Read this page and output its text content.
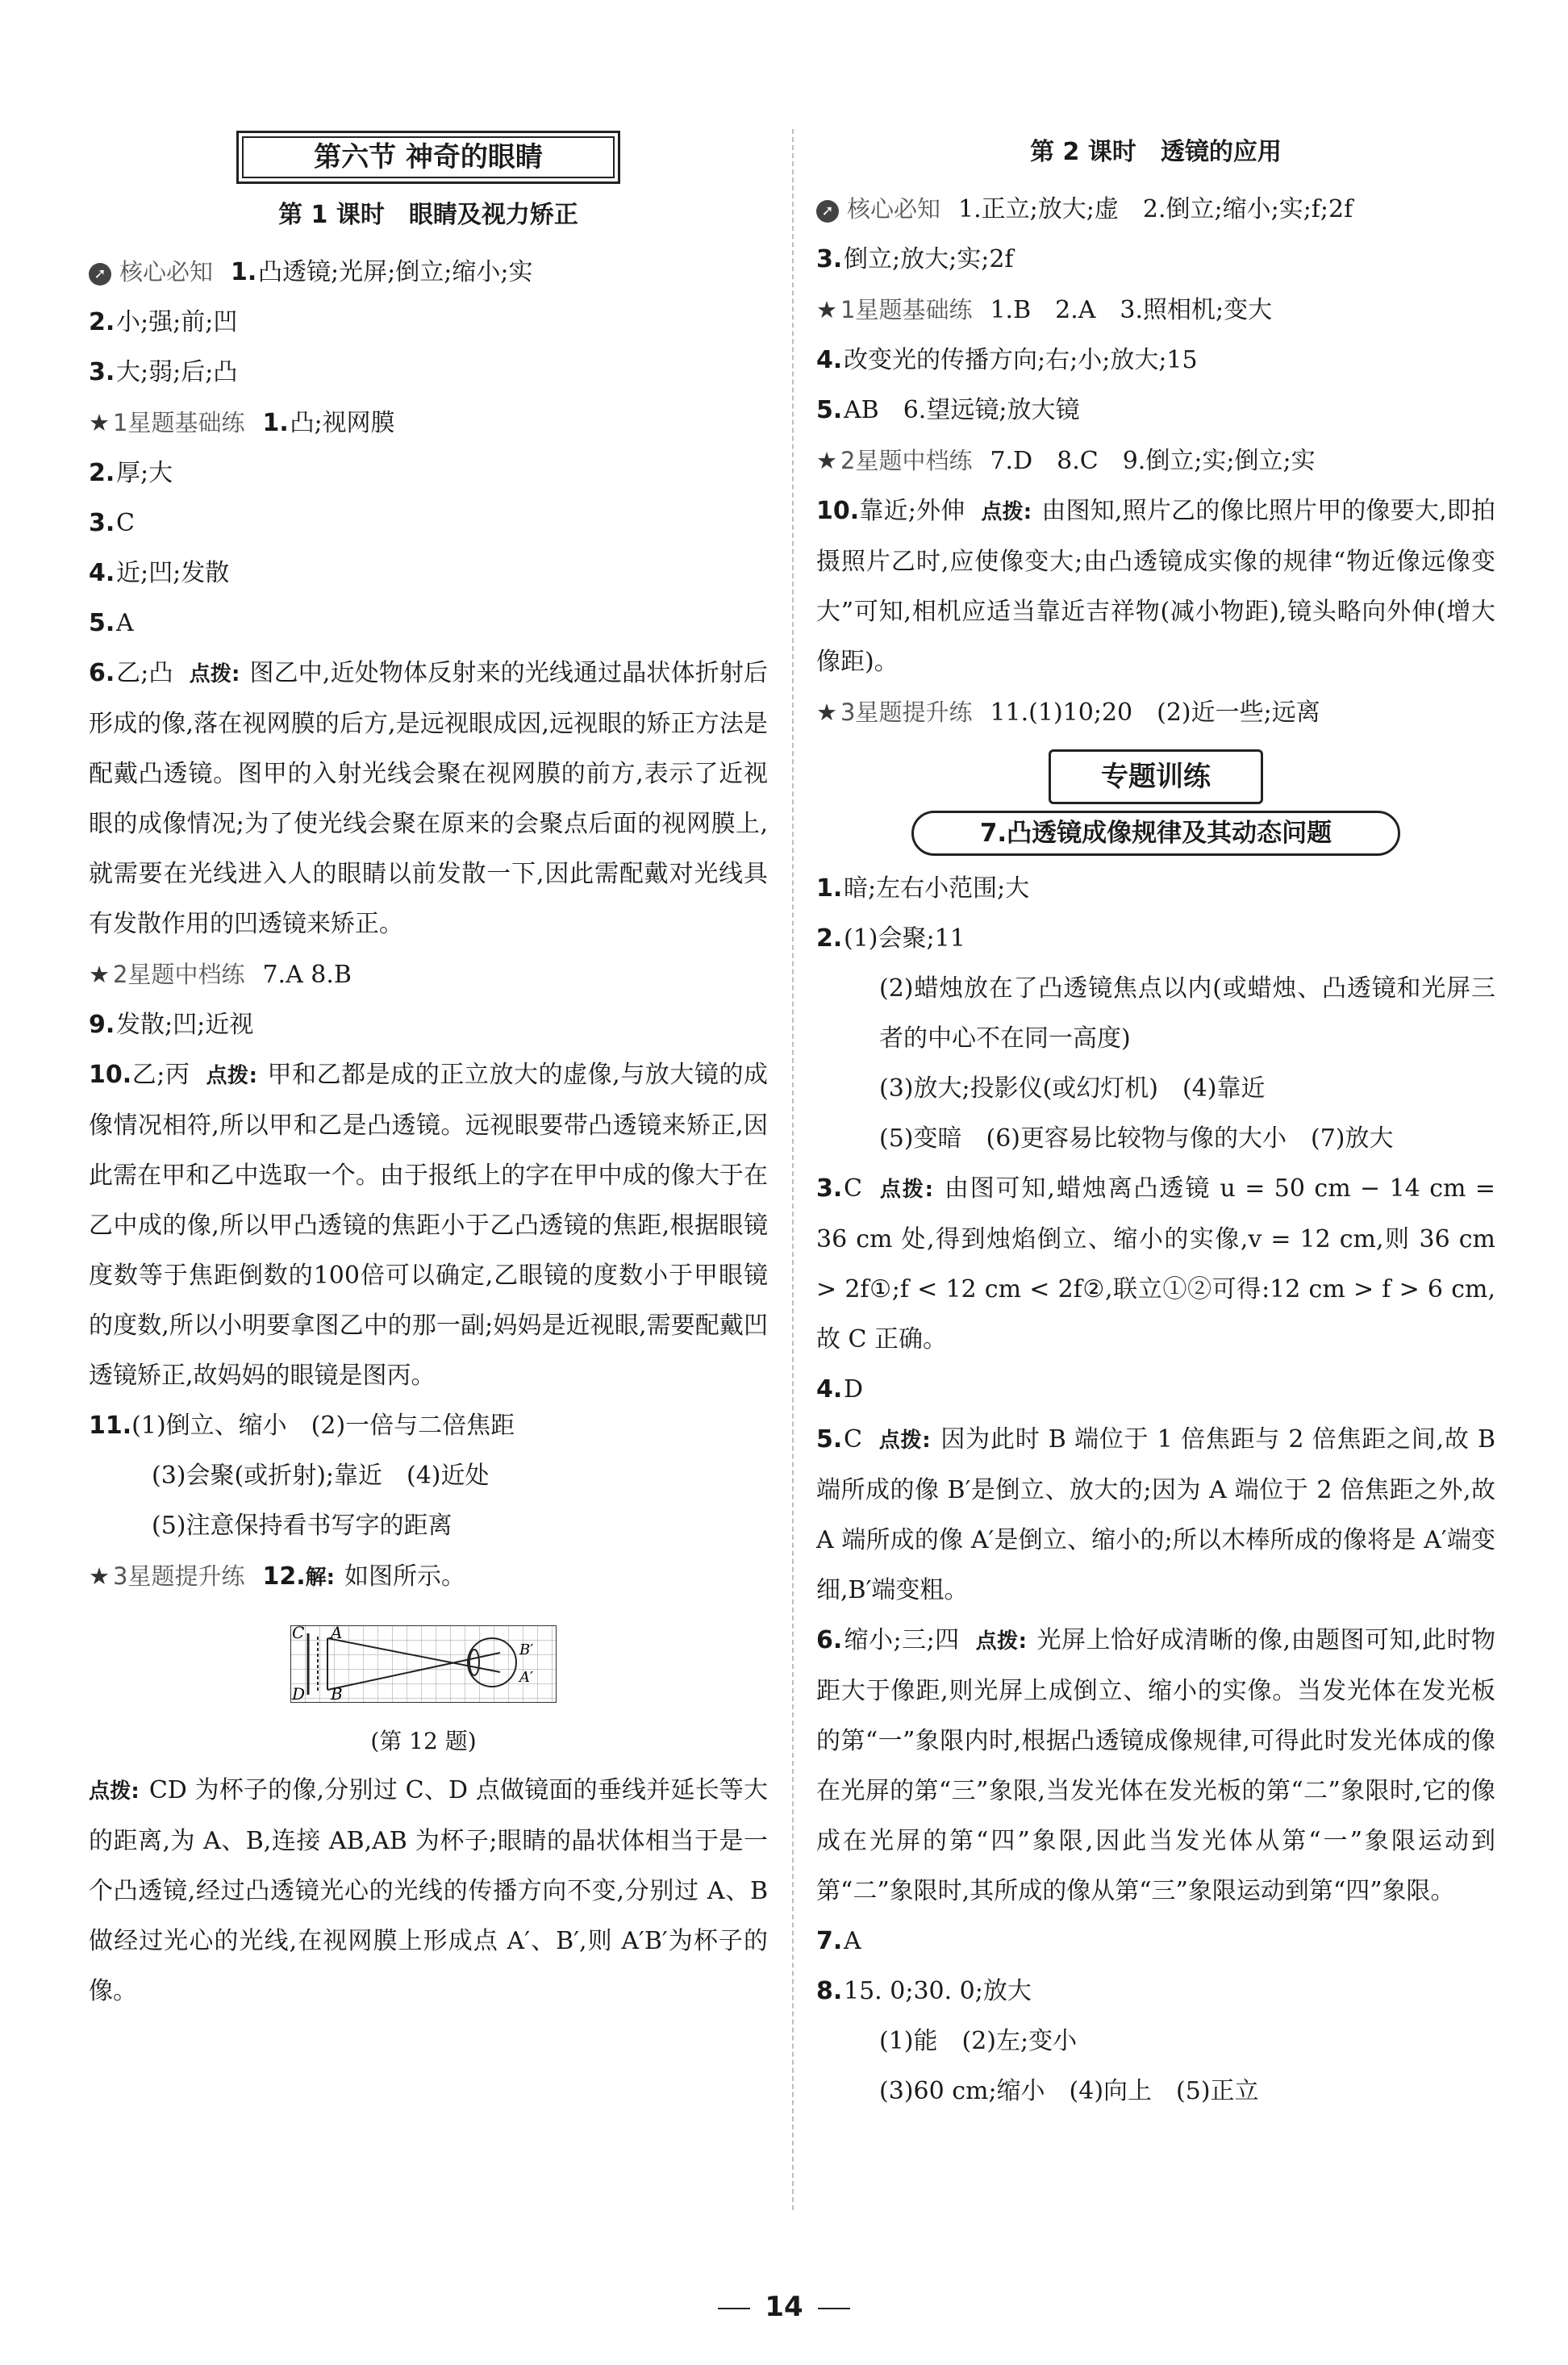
第六节 神奇的眼睛
第 1 课时　眼睛及视力矫正
➚ 核心必知 1.凸透镜;光屏;倒立;缩小;实
2.小;强;前;凹
3.大;弱;后;凸
★ 1星题基础练 1.凸;视网膜
2.厚;大
3.C
4.近;凹;发散
5.A
6.乙;凸 点拨: 图乙中,近处物体反射来的光线通过晶状体折射后形成的像,落在视网膜的后方,是远视眼成因,远视眼的矫正方法是配戴凸透镜。图甲的入射光线会聚在视网膜的前方,表示了近视眼的成像情况;为了使光线会聚在原来的会聚点后面的视网膜上,就需要在光线进入人的眼睛以前发散一下,因此需配戴对光线具有发散作用的凹透镜来矫正。
★ 2星题中档练 7.A 8.B
9.发散;凹;近视
10.乙;丙 点拨: 甲和乙都是成的正立放大的虚像,与放大镜的成像情况相符,所以甲和乙是凸透镜。远视眼要带凸透镜来矫正,因此需在甲和乙中选取一个。由于报纸上的字在甲中成的像大于在乙中成的像,所以甲凸透镜的焦距小于乙凸透镜的焦距,根据眼镜度数等于焦距倒数的100倍可以确定,乙眼镜的度数小于甲眼镜的度数,所以小明要拿图乙中的那一副;妈妈是近视眼,需要配戴凹透镜矫正,故妈妈的眼镜是图丙。
11.(1)倒立、缩小　(2)一倍与二倍焦距
(3)会聚(或折射);靠近　(4)近处
(5)注意保持看书写字的距离
★ 3星题提升练 12.解: 如图所示。
C A
D B
B′
A′
(第 12 题)
点拨: CD 为杯子的像,分别过 C、D 点做镜面的垂线并延长等大的距离,为 A、B,连接 AB,AB 为杯子;眼睛的晶状体相当于是一个凸透镜,经过凸透镜光心的光线的传播方向不变,分别过 A、B 做经过光心的光线,在视网膜上形成点 A′、B′,则 A′B′为杯子的像。
第 2 课时　透镜的应用
➚ 核心必知 1.正立;放大;虚　2.倒立;缩小;实;f;2f
3.倒立;放大;实;2f
★ 1星题基础练 1.B　2.A　3.照相机;变大
4.改变光的传播方向;右;小;放大;15
5.AB　6.望远镜;放大镜
★ 2星题中档练 7.D　8.C　9.倒立;实;倒立;实
10.靠近;外伸 点拨: 由图知,照片乙的像比照片甲的像要大,即拍摄照片乙时,应使像变大;由凸透镜成实像的规律“物近像远像变大”可知,相机应适当靠近吉祥物(减小物距),镜头略向外伸(增大像距)。
★ 3星题提升练 11.(1)10;20　(2)近一些;远离
专题训练
7.凸透镜成像规律及其动态问题
1.暗;左右小范围;大
2.(1)会聚;11
(2)蜡烛放在了凸透镜焦点以内(或蜡烛、凸透镜和光屏三者的中心不在同一高度)
(3)放大;投影仪(或幻灯机)　(4)靠近
(5)变暗　(6)更容易比较物与像的大小　(7)放大
3.C 点拨: 由图可知,蜡烛离凸透镜 u = 50 cm − 14 cm = 36 cm 处,得到烛焰倒立、缩小的实像,v = 12 cm,则 36 cm > 2f①;f < 12 cm < 2f②,联立①②可得:12 cm > f > 6 cm,故 C 正确。
4.D
5.C 点拨: 因为此时 B 端位于 1 倍焦距与 2 倍焦距之间,故 B 端所成的像 B′是倒立、放大的;因为 A 端位于 2 倍焦距之外,故 A 端所成的像 A′是倒立、缩小的;所以木棒所成的像将是 A′端变细,B′端变粗。
6.缩小;三;四 点拨: 光屏上恰好成清晰的像,由题图可知,此时物距大于像距,则光屏上成倒立、缩小的实像。当发光体在发光板的第“一”象限内时,根据凸透镜成像规律,可得此时发光体成的像在光屏的第“三”象限,当发光体在发光板的第“二”象限时,它的像成在光屏的第“四”象限,因此当发光体从第“一”象限运动到第“二”象限时,其所成的像从第“三”象限运动到第“四”象限。
7.A
8.15. 0;30. 0;放大
(1)能　(2)左;变小
(3)60 cm;缩小　(4)向上　(5)正立
14
